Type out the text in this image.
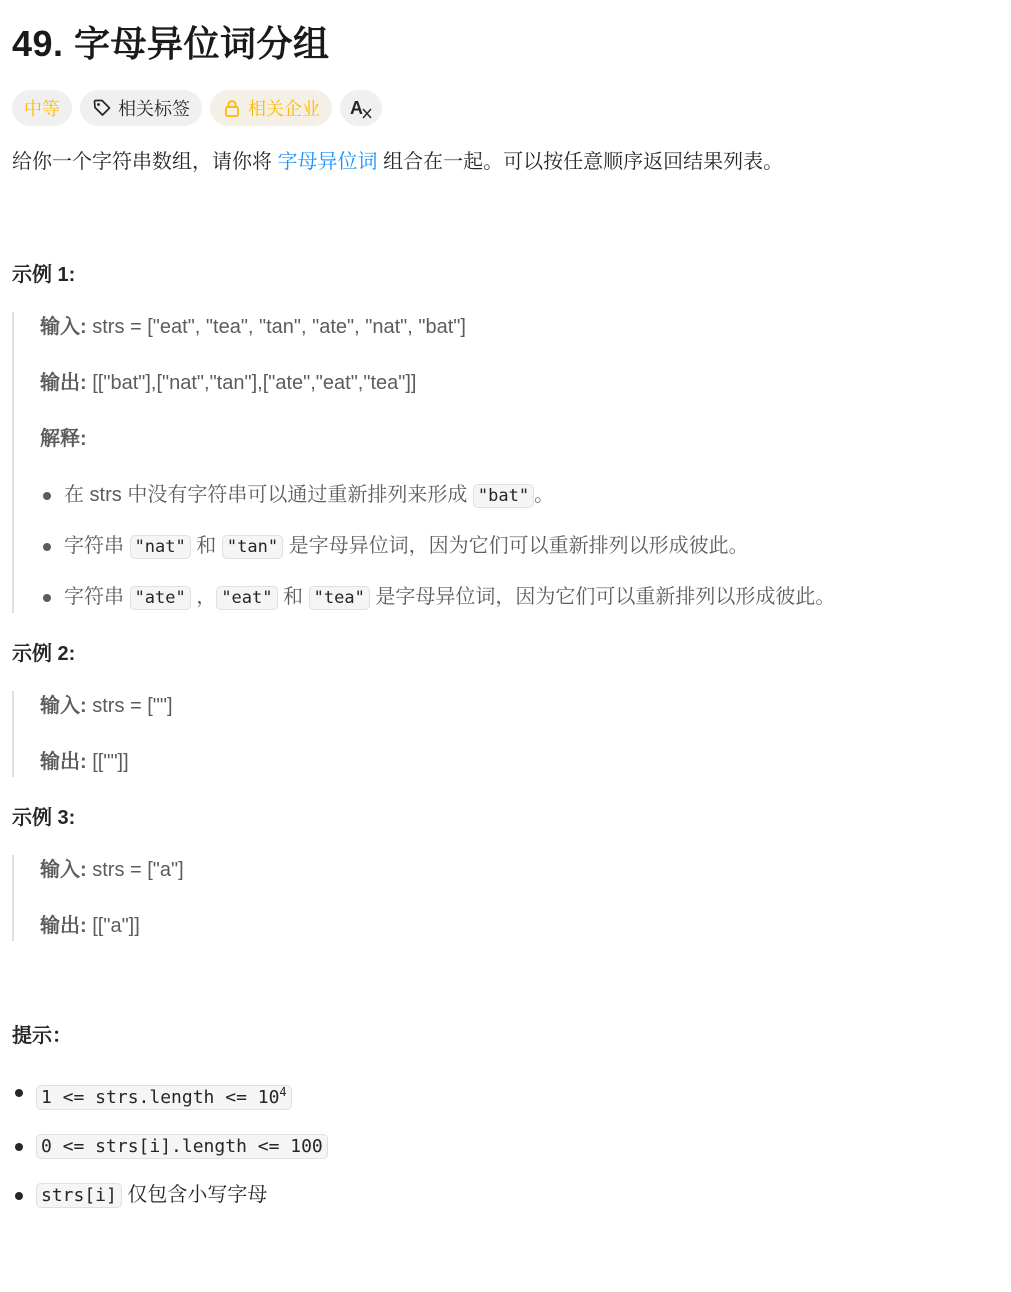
49. 字母异位词分组
中等	相关标签	相关企业 A
给你一个字符串数组，请你将 字母异位词 组合在一起。可以按任意顺序返回结果列表。

示例 1:

输入: strs = ["eat", "tea", "tan", "ate", "nat", "bat"]
输出: [["bat"],["nat","tan"],["ate","eat","tea"]]
解释:
在 strs 中没有字符串可以通过重新排列来形成 "bat" 。
字符串 "nat" 和 "tan" 是字母异位词，因为它们可以重新排列以形成彼此。
字符串 "ate" ， "eat" 和 "tea" 是字母异位词，因为它们可以重新排列以形成彼此。

示例 2:

输入: strs = [""]
输出: [[""]]

示例 3:

输入: strs = ["a"]
输出: [["a"]]

提示：

1 <= strs.length <= $10^4$
0 <= strs[i].length <= 100
strs[i] 仅包含小写字母
